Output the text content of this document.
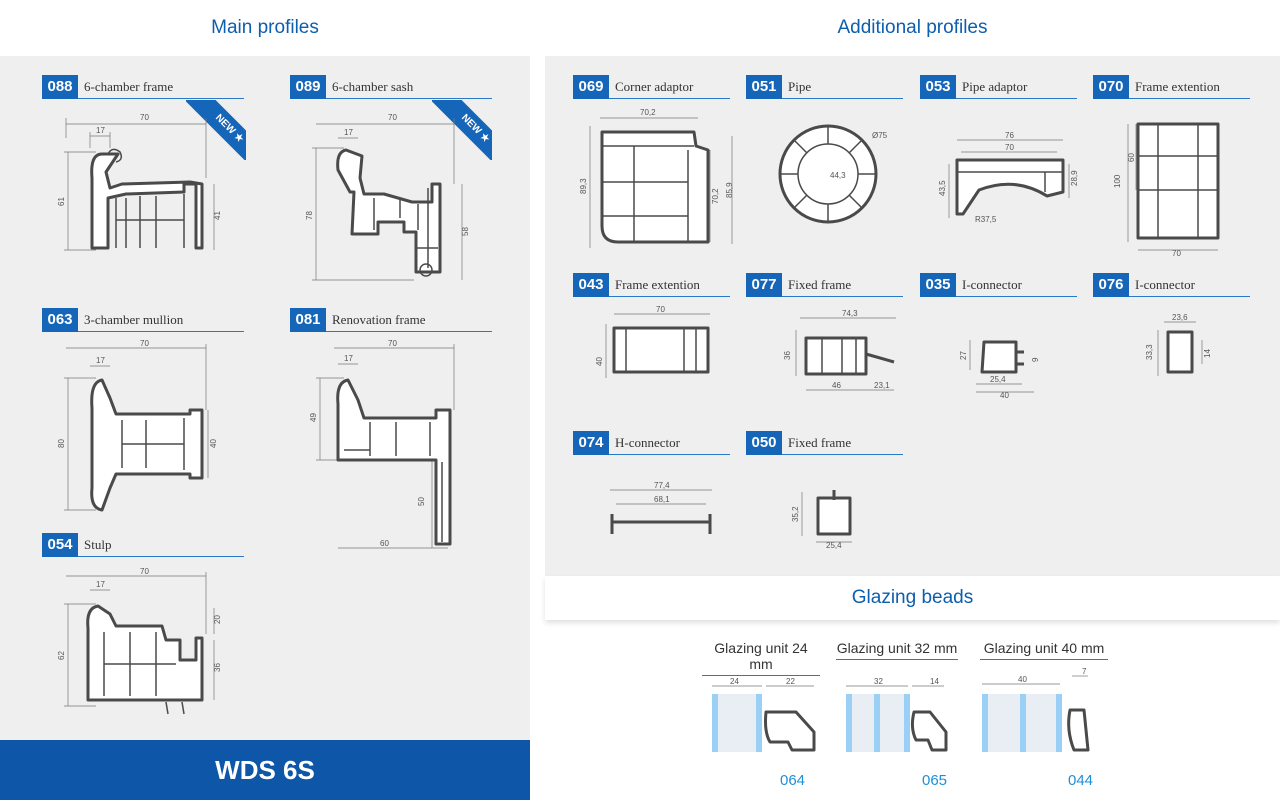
Main profiles	Additional profiles
Glazing beads
088 6-chamber frame	089 6-chamber sash
063 3-chamber mullion	081 Renovation frame
054 Stulp
NEW ★
NEW ★
70
17
61
41
70
17
78
58
70
17
80	40
70
17
49
50
60
70
17
62
20
36
069 Corner adaptor	051 Pipe	053 Pipe adaptor	070 Frame extention
043 Frame extention	077 Fixed frame	035 I-connector	076 I-connector
074 H-connector	050 Fixed frame
70,2
89,3
70,2 85,9
Ø75
44,3
76
70
43,5
28,9
R37,5
100
60
70
70
40
74,3
36
46	23,1
27	9
25,4
40
23,6
33,3	14
77,4
68,1
35,2
25,4
Glazing unit 24 mm
Glazing unit 32 mm Glazing unit 40 mm
24	22	32	14	40
7
064	065	044
WDS 6S
